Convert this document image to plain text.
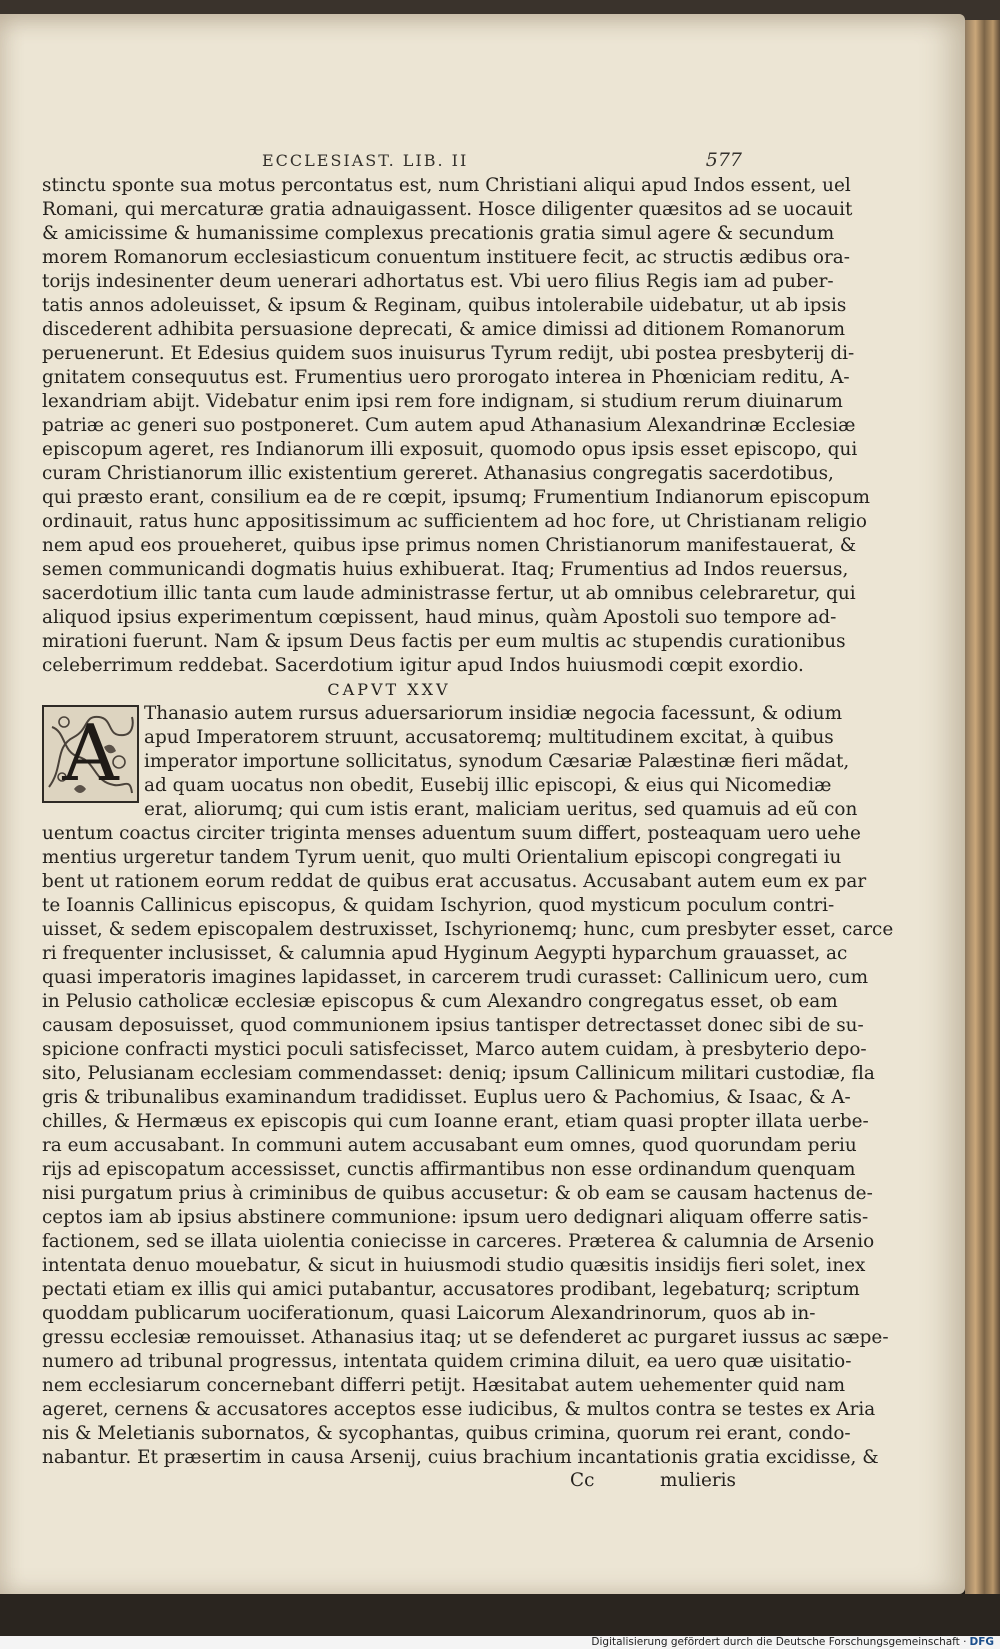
ECCLESIAST. LIB. II	577
stinctu sponte sua motus percontatus est, num Christiani aliqui apud Indos essent, uel
Romani, qui mercaturæ gratia adnauigassent. Hosce diligenter quæsitos ad se uocauit
& amicissime & humanissime complexus precationis gratia simul agere & secundum
morem Romanorum ecclesiasticum conuentum instituere fecit, ac structis ædibus ora-
torijs indesinenter deum uenerari adhortatus est. Vbi uero filius Regis iam ad puber-
tatis annos adoleuisset, & ipsum & Reginam, quibus intolerabile uidebatur, ut ab ipsis
discederent adhibita persuasione deprecati, & amice dimissi ad ditionem Romanorum
peruenerunt. Et Edesius quidem suos inuisurus Tyrum redijt, ubi postea presbyterij di-
gnitatem consequutus est. Frumentius uero prorogato interea in Phœniciam reditu, A-
lexandriam abijt. Videbatur enim ipsi rem fore indignam, si studium rerum diuinarum
patriæ ac generi suo postponeret. Cum autem apud Athanasium Alexandrinæ Ecclesiæ
episcopum ageret, res Indianorum illi exposuit, quomodo opus ipsis esset episcopo, qui
curam Christianorum illic existentium gereret. Athanasius congregatis sacerdotibus,
qui præsto erant, consilium ea de re cœpit, ipsumq; Frumentium Indianorum episcopum
ordinauit, ratus hunc appositissimum ac sufficientem ad hoc fore, ut Christianam religio
nem apud eos proueheret, quibus ipse primus nomen Christianorum manifestauerat, &
semen communicandi dogmatis huius exhibuerat. Itaq; Frumentius ad Indos reuersus,
sacerdotium illic tanta cum laude administrasse fertur, ut ab omnibus celebraretur, qui
aliquod ipsius experimentum cœpissent, haud minus, quàm Apostoli suo tempore ad-
mirationi fuerunt. Nam & ipsum Deus factis per eum multis ac stupendis curationibus
celeberrimum reddebat. Sacerdotium igitur apud Indos huiusmodi cœpit exordio.
CAPVT XXV
A	Thanasio autem rursus aduersariorum insidiæ negocia facessunt, & odium
apud Imperatorem struunt, accusatoremq; multitudinem excitat, à quibus
imperator importune sollicitatus, synodum Cæsariæ Palæstinæ fieri mãdat,
ad quam uocatus non obedit, Eusebij illic episcopi, & eius qui Nicomediæ
erat, aliorumq; qui cum istis erant, maliciam ueritus, sed quamuis ad eũ con
uentum coactus circiter triginta menses aduentum suum differt, posteaquam uero uehe
mentius urgeretur tandem Tyrum uenit, quo multi Orientalium episcopi congregati iu
bent ut rationem eorum reddat de quibus erat accusatus. Accusabant autem eum ex par
te Ioannis Callinicus episcopus, & quidam Ischyrion, quod mysticum poculum contri-
uisset, & sedem episcopalem destruxisset, Ischyrionemq; hunc, cum presbyter esset, carce
ri frequenter inclusisset, & calumnia apud Hyginum Aegypti hyparchum grauasset, ac
quasi imperatoris imagines lapidasset, in carcerem trudi curasset: Callinicum uero, cum
in Pelusio catholicæ ecclesiæ episcopus & cum Alexandro congregatus esset, ob eam
causam deposuisset, quod communionem ipsius tantisper detrectasset donec sibi de su-
spicione confracti mystici poculi satisfecisset, Marco autem cuidam, à presbyterio depo-
sito, Pelusianam ecclesiam commendasset: deniq; ipsum Callinicum militari custodiæ, fla
gris & tribunalibus examinandum tradidisset. Euplus uero & Pachomius, & Isaac, & A-
chilles, & Hermæus ex episcopis qui cum Ioanne erant, etiam quasi propter illata uerbe-
ra eum accusabant. In communi autem accusabant eum omnes, quod quorundam periu
rijs ad episcopatum accessisset, cunctis affirmantibus non esse ordinandum quenquam
nisi purgatum prius à criminibus de quibus accusetur: & ob eam se causam hactenus de-
ceptos iam ab ipsius abstinere communione: ipsum uero dedignari aliquam offerre satis-
factionem, sed se illata uiolentia coniecisse in carceres. Præterea & calumnia de Arsenio
intentata denuo mouebatur, & sicut in huiusmodi studio quæsitis insidijs fieri solet, inex
pectati etiam ex illis qui amici putabantur, accusatores prodibant, legebaturq; scriptum
quoddam publicarum uociferationum, quasi Laicorum Alexandrinorum, quos ab in-
gressu ecclesiæ remouisset. Athanasius itaq; ut se defenderet ac purgaret iussus ac sæpe-
numero ad tribunal progressus, intentata quidem crimina diluit, ea uero quæ uisitatio-
nem ecclesiarum concernebant differri petijt. Hæsitabat autem uehementer quid nam
ageret, cernens & accusatores acceptos esse iudicibus, & multos contra se testes ex Aria
nis & Meletianis subornatos, & sycophantas, quibus crimina, quorum rei erant, condo-
nabantur. Et præsertim in causa Arsenij, cuius brachium incantationis gratia excidisse, &
Cc	mulieris
Digitalisierung gefördert durch die Deutsche Forschungsgemeinschaft · DFG
